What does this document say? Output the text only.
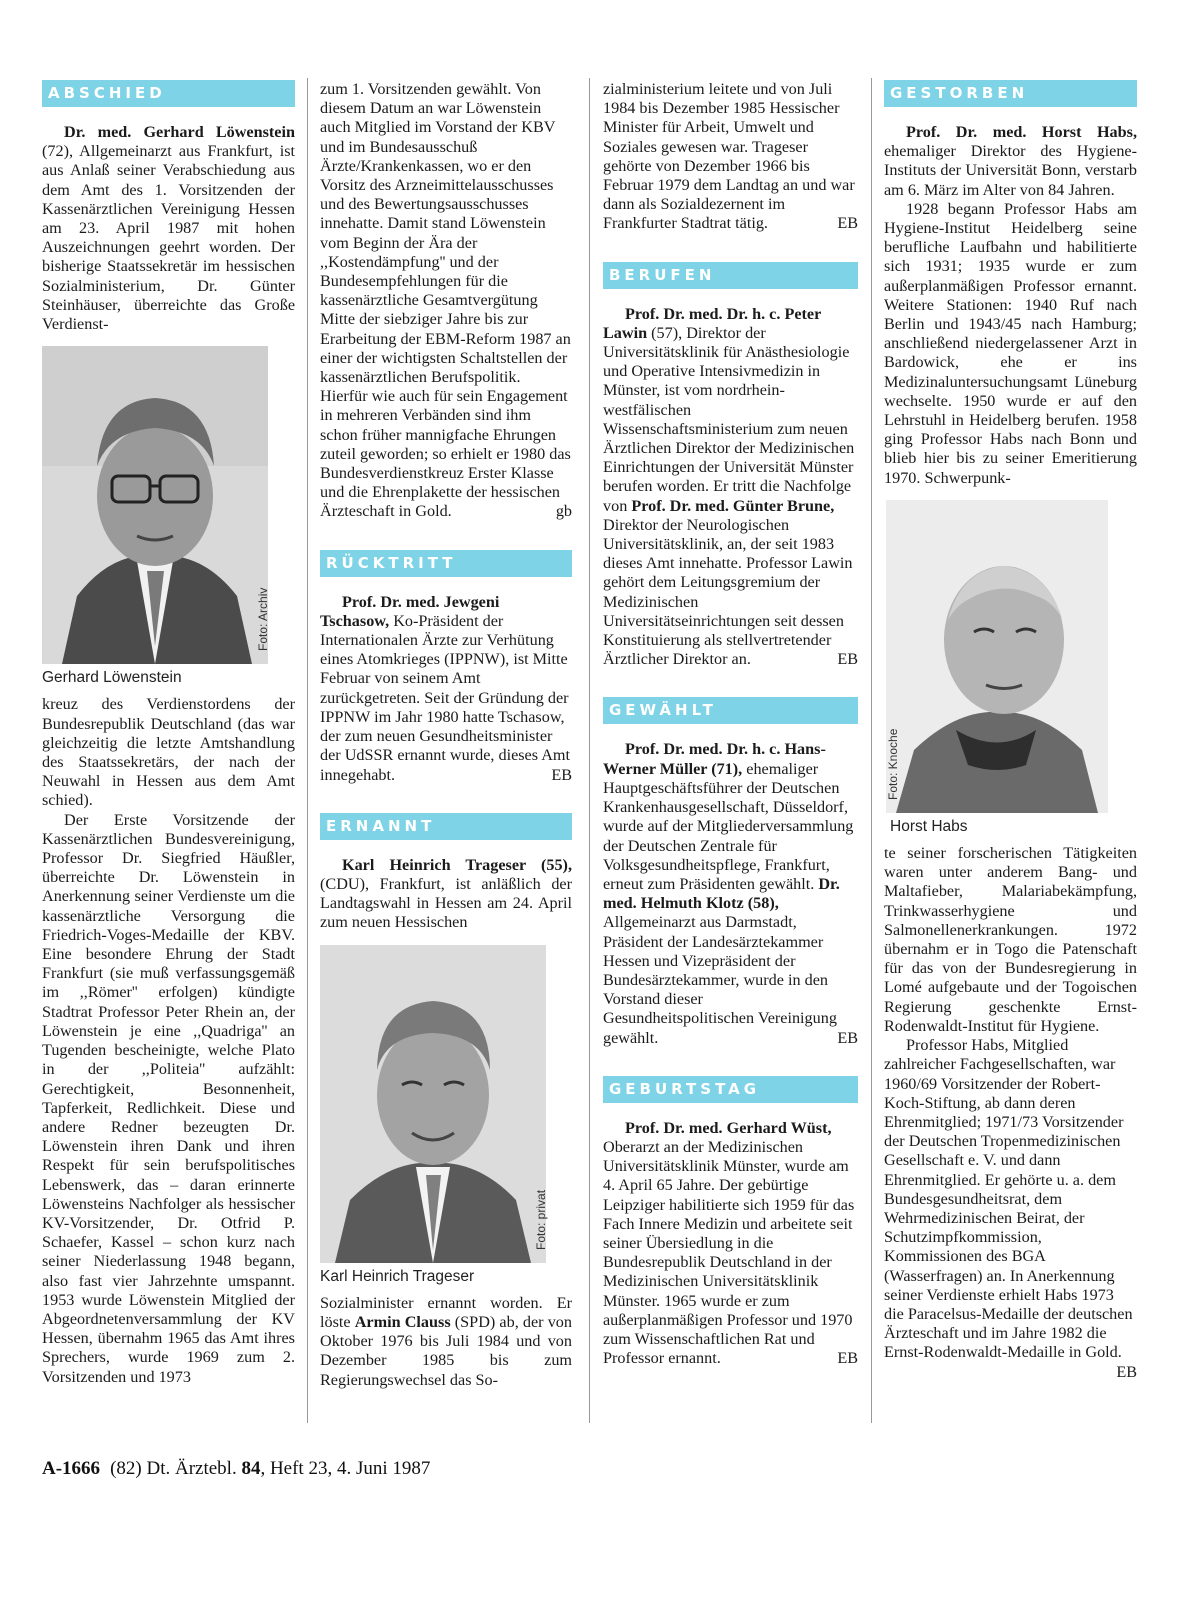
ABSCHIED

Dr. med. Gerhard Löwenstein (72), Allgemeinarzt aus Frankfurt, ist aus Anlaß seiner Verabschiedung aus dem Amt des 1. Vorsitzenden der Kassenärztlichen Vereinigung Hessen am 23. April 1987 mit hohen Auszeichnungen geehrt worden. Der bisherige Staatssekretär im hessischen Sozialministerium, Dr. Günter Steinhäuser, überreichte das Große Verdienst-

Foto: Archiv
Gerhard Löwenstein

kreuz des Verdienstordens der Bundesrepublik Deutschland (das war gleichzeitig die letzte Amtshandlung des Staatssekretärs, der nach der Neuwahl in Hessen aus dem Amt schied).

Der Erste Vorsitzende der Kassenärztlichen Bundesvereinigung, Professor Dr. Siegfried Häußler, überreichte Dr. Löwenstein in Anerkennung seiner Verdienste um die kassenärztliche Versorgung die Friedrich-Voges-Medaille der KBV. Eine besondere Ehrung der Stadt Frankfurt (sie muß verfassungsgemäß im ,,Römer'' erfolgen) kündigte Stadtrat Professor Peter Rhein an, der Löwenstein je eine ,,Quadriga'' an Tugenden bescheinigte, welche Plato in der ,,Politeia'' aufzählt: Gerechtigkeit, Besonnenheit, Tapferkeit, Redlichkeit. Diese und andere Redner bezeugten Dr. Löwenstein ihren Dank und ihren Respekt für sein berufspolitisches Lebenswerk, das – daran erinnerte Löwensteins Nachfolger als hessischer KV-Vorsitzender, Dr. Otfrid P. Schaefer, Kassel – schon kurz nach seiner Niederlassung 1948 begann, also fast vier Jahrzehnte umspannt. 1953 wurde Löwenstein Mitglied der Abgeordnetenversammlung der KV Hessen, übernahm 1965 das Amt ihres Sprechers, wurde 1969 zum 2. Vorsitzenden und 1973

zum 1. Vorsitzenden gewählt. Von diesem Datum an war Löwenstein auch Mitglied im Vorstand der KBV und im Bundesausschuß Ärzte/Krankenkassen, wo er den Vorsitz des Arzneimittelausschusses und des Bewertungsausschusses innehatte. Damit stand Löwenstein vom Beginn der Ära der ,,Kostendämpfung'' und der Bundesempfehlungen für die kassenärztliche Gesamtvergütung Mitte der siebziger Jahre bis zur Erarbeitung der EBM-Reform 1987 an einer der wichtigsten Schaltstellen der kassenärztlichen Berufspolitik. Hierfür wie auch für sein Engagement in mehreren Verbänden sind ihm schon früher mannigfache Ehrungen zuteil geworden; so erhielt er 1980 das Bundesverdienstkreuz Erster Klasse und die Ehrenplakette der hessischen Ärzteschaft in Gold.	gb

RÜCKTRITT

Prof. Dr. med. Jewgeni Tschasow, Ko-Präsident der Internationalen Ärzte zur Verhütung eines Atomkrieges (IPPNW), ist Mitte Februar von seinem Amt zurückgetreten. Seit der Gründung der IPPNW im Jahr 1980 hatte Tschasow, der zum neuen Gesundheitsminister der UdSSR ernannt wurde, dieses Amt innegehabt.	EB

ERNANNT

Karl Heinrich Trageser (55), (CDU), Frankfurt, ist anläßlich der Landtagswahl in Hessen am 24. April zum neuen Hessischen

Foto: privat
Karl Heinrich Trageser

Sozialminister ernannt worden. Er löste Armin Clauss (SPD) ab, der von Oktober 1976 bis Juli 1984 und von Dezember 1985 bis zum Regierungswechsel das So-

zialministerium leitete und von Juli 1984 bis Dezember 1985 Hessischer Minister für Arbeit, Umwelt und Soziales gewesen war. Trageser gehörte von Dezember 1966 bis Februar 1979 dem Landtag an und war dann als Sozialdezernent im Frankfurter Stadtrat tätig.	EB

BERUFEN

Prof. Dr. med. Dr. h. c. Peter Lawin (57), Direktor der Universitätsklinik für Anästhesiologie und Operative Intensivmedizin in Münster, ist vom nordrhein-westfälischen Wissenschaftsministerium zum neuen Ärztlichen Direktor der Medizinischen Einrichtungen der Universität Münster berufen worden. Er tritt die Nachfolge von Prof. Dr. med. Günter Brune, Direktor der Neurologischen Universitätsklinik, an, der seit 1983 dieses Amt innehatte. Professor Lawin gehört dem Leitungsgremium der Medizinischen Universitätseinrichtungen seit dessen Konstituierung als stellvertretender Ärztlicher Direktor an.	EB

GEWÄHLT

Prof. Dr. med. Dr. h. c. Hans-Werner Müller (71), ehemaliger Hauptgeschäftsführer der Deutschen Krankenhausgesellschaft, Düsseldorf, wurde auf der Mitgliederversammlung der Deutschen Zentrale für Volksgesundheitspflege, Frankfurt, erneut zum Präsidenten gewählt. Dr. med. Helmuth Klotz (58), Allgemeinarzt aus Darmstadt, Präsident der Landesärztekammer Hessen und Vizepräsident der Bundesärztekammer, wurde in den Vorstand dieser Gesundheitspolitischen Vereinigung gewählt.	EB

GEBURTSTAG

Prof. Dr. med. Gerhard Wüst, Oberarzt an der Medizinischen Universitätsklinik Münster, wurde am 4. April 65 Jahre. Der gebürtige Leipziger habilitierte sich 1959 für das Fach Innere Medizin und arbeitete seit seiner Übersiedlung in die Bundesrepublik Deutschland in der Medizinischen Universitätsklinik Münster. 1965 wurde er zum außerplanmäßigen Professor und 1970 zum Wissenschaftlichen Rat und Professor ernannt.	EB

GESTORBEN

Prof. Dr. med. Horst Habs, ehemaliger Direktor des Hygiene-Instituts der Universität Bonn, verstarb am 6. März im Alter von 84 Jahren.

1928 begann Professor Habs am Hygiene-Institut Heidelberg seine berufliche Laufbahn und habilitierte sich 1931; 1935 wurde er zum außerplanmäßigen Professor ernannt. Weitere Stationen: 1940 Ruf nach Berlin und 1943/45 nach Hamburg; anschließend niedergelassener Arzt in Bardowick, ehe er ins Medizinaluntersuchungsamt Lüneburg wechselte. 1950 wurde er auf den Lehrstuhl in Heidelberg berufen. 1958 ging Professor Habs nach Bonn und blieb hier bis zu seiner Emeritierung 1970. Schwerpunk-

Foto: Knoche
Horst Habs

te seiner forscherischen Tätigkeiten waren unter anderem Bang- und Maltafieber, Malariabekämpfung, Trinkwasserhygiene und Salmonellenerkrankungen. 1972 übernahm er in Togo die Patenschaft für das von der Bundesregierung in Lomé aufgebaute und der Togoischen Regierung geschenkte Ernst-Rodenwaldt-Institut für Hygiene.

Professor Habs, Mitglied zahlreicher Fachgesellschaften, war 1960/69 Vorsitzender der Robert-Koch-Stiftung, ab dann deren Ehrenmitglied; 1971/73 Vorsitzender der Deutschen Tropenmedizinischen Gesellschaft e. V. und dann Ehrenmitglied. Er gehörte u. a. dem Bundesgesundheitsrat, dem Wehrmedizinischen Beirat, der Schutzimpfkommission, Kommissionen des BGA (Wasserfragen) an. In Anerkennung seiner Verdienste erhielt Habs 1973 die Paracelsus-Medaille der deutschen Ärzteschaft und im Jahre 1982 die Ernst-Rodenwaldt-Medaille in Gold.
EB

A-1666 (82) Dt. Ärztebl. 84, Heft 23, 4. Juni 1987
